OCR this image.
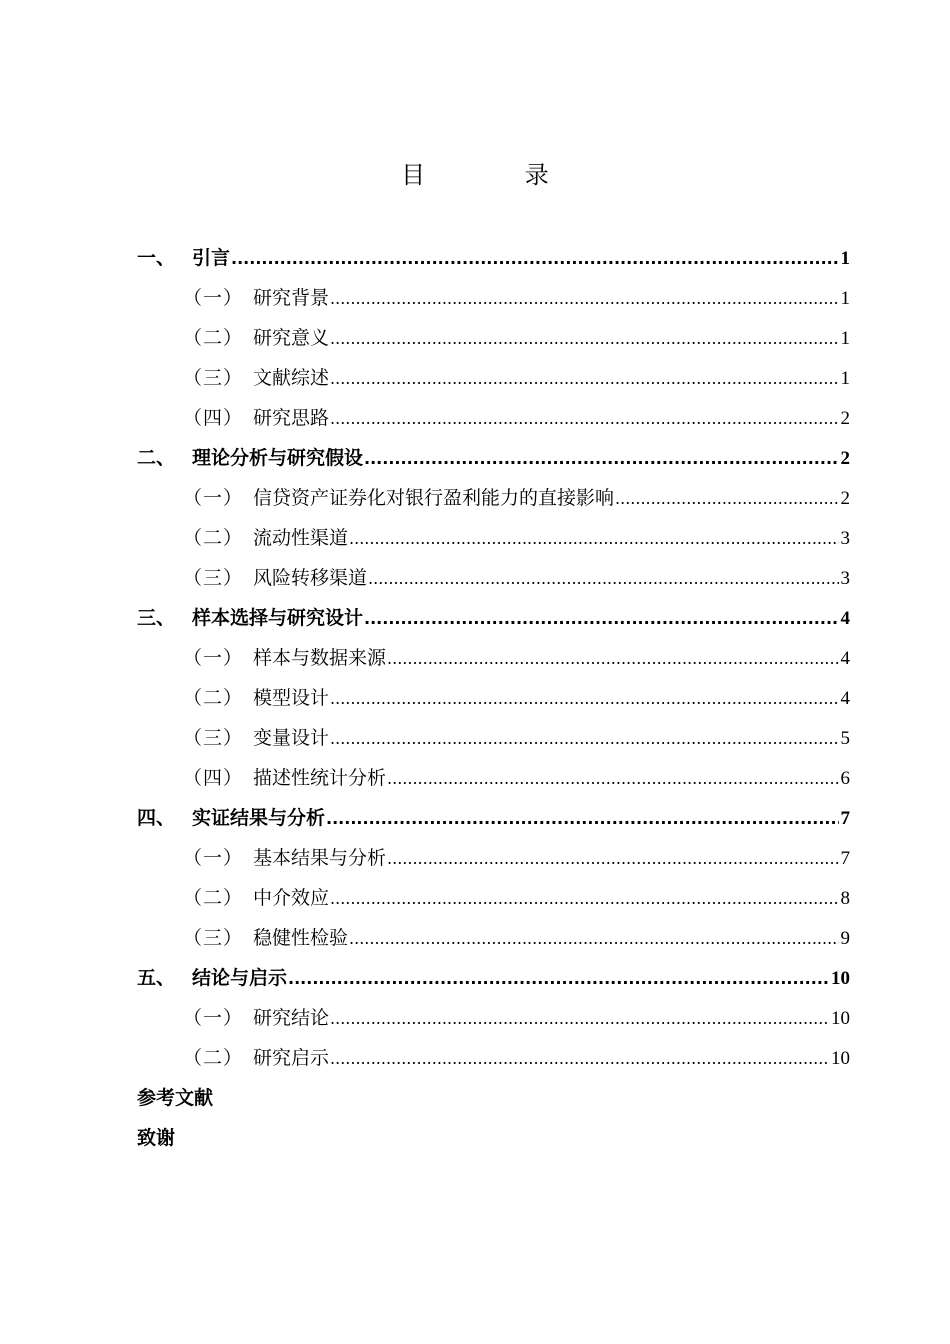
目 录
一、 引言 .....	1
（一） 研究背景 .....	1
（二） 研究意义 .....	1
（三） 文献综述 .....	1
（四） 研究思路 .....	2
二、 理论分析与研究假设 .....	2
（一） 信贷资产证券化对银行盈利能力的直接影响 .....	2
（二） 流动性渠道 .....	3
（三） 风险转移渠道 .....	3
三、 样本选择与研究设计 .....	4
（一） 样本与数据来源 .....	4
（二） 模型设计 .....	4
（三） 变量设计 .....	5
（四） 描述性统计分析 .....	6
四、 实证结果与分析 .....	7
（一） 基本结果与分析 .....	7
（二） 中介效应 .....	8
（三） 稳健性检验 .....	9
五、 结论与启示 .....	10
（一） 研究结论 .....	10
（二） 研究启示 .....	10
参考文献
致谢
